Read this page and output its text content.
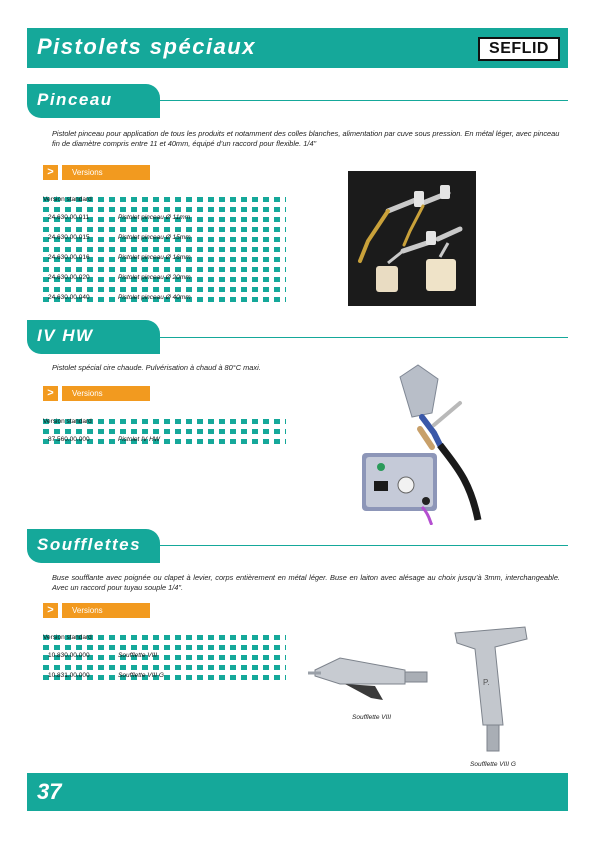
Pistolets spéciaux	SEFLID
Pinceau
Pistolet pinceau pour application de tous les produits et notamment des colles blanches, alimentation par cuve sous pression. En métal léger, avec pinceau fin de diamètre compris entre 11 et 40mm, équipé d’un raccord pour flexible. 1/4"
>	Versions
Version standard
24.630.00.011	Pistolet pinceau Ø 11mm
24.630.00.015	Pistolet pinceau Ø 15mm
24.630.00.016	Pistolet pinceau Ø 16mm
24.630.00.020	Pistolet pinceau Ø 20mm
24.630.00.040	Pistolet pinceau Ø 40mm
IV HW
Pistolet spécial cire chaude. Pulvérisation à chaud à 80°C maxi.
>	Versions
Version standard
87.560.00.000	Pistolet IV HW
Soufflettes
Buse soufflante avec poignée ou clapet à levier, corps entièrement en métal léger. Buse en laiton avec alésage au choix jusqu’à 3mm, interchangeable. Avec un raccord pour tuyau souple 1/4".
>	Versions
Version standard
10.830.00.000	Soufflette VIII
10.831.00.000	Soufflette VIII G
Soufflette VIII
P.
Soufflette VIII G
37
